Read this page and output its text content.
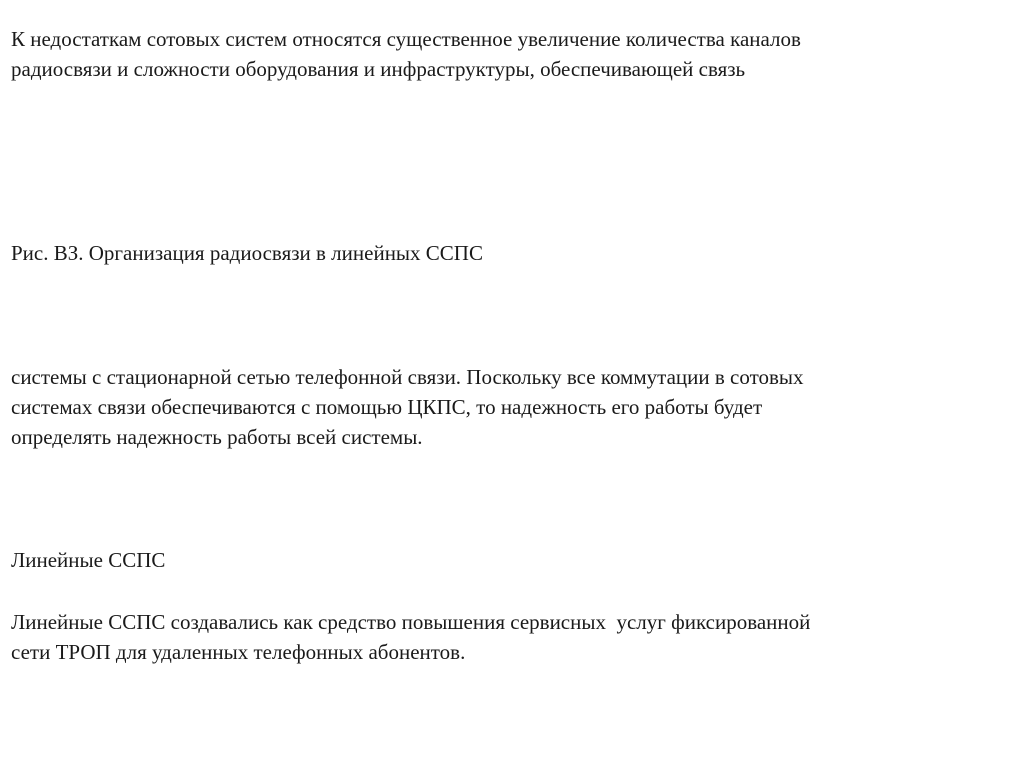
К недостаткам сотовых систем относятся существенное увеличение количества каналов
радиосвязи и сложности оборудования и инфраструктуры, обеспечивающей связь

Рис. ВЗ. Организация радиосвязи в линейных ССПС

системы с стационарной сетью телефонной связи. Поскольку все коммутации в сотовых
системах связи обеспечиваются с помощью ЦКПС, то надежность его работы будет
определять надежность работы всей системы.

Линейные ССПС

Линейные ССПС создавались как средство повышения сервисных  услуг фиксированной
сети ТРОП для удаленных телефонных абонентов.
